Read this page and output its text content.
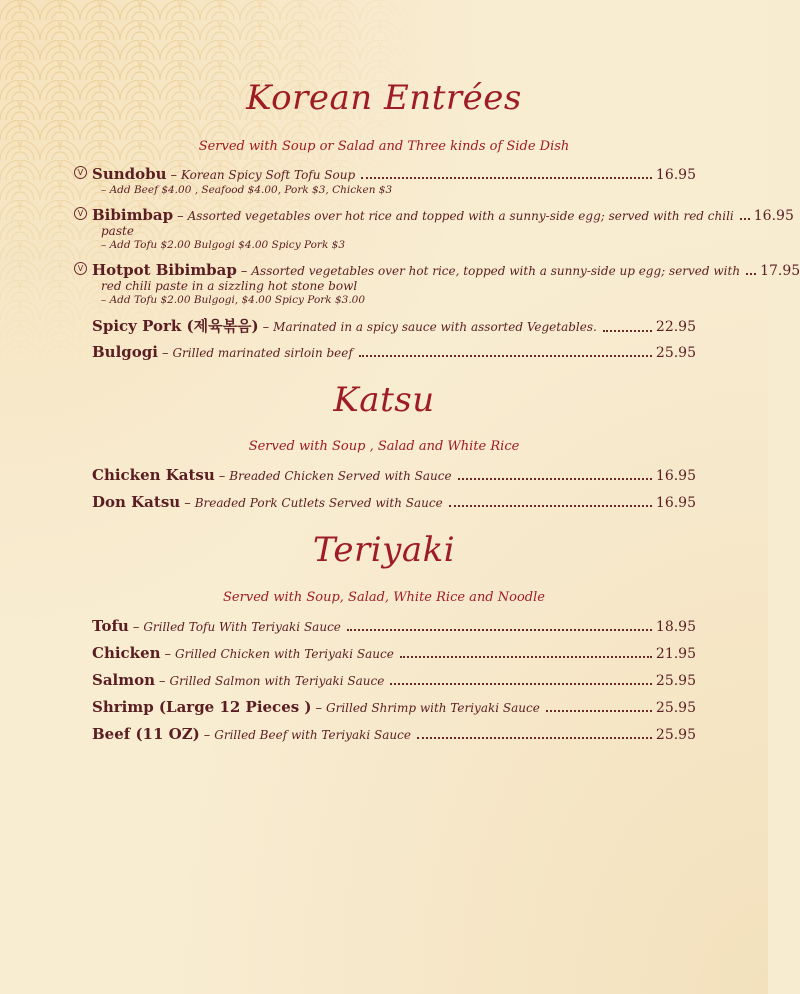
Korean Entrées
Served with Soup or Salad and Three kinds of Side Dish
V Sundobu – Korean Spicy Soft Tofu Soup	16.95
– Add Beef $4.00 , Seafood $4.00, Pork $3, Chicken $3
V Bibimbap – Assorted vegetables over hot rice and topped with a sunny-side egg; served with red chili 16.95
paste
– Add Tofu $2.00 Bulgogi $4.00 Spicy Pork $3
V Hotpot Bibimbap – Assorted vegetables over hot rice, topped with a sunny-side up egg; served with 17.95
red chili paste in a sizzling hot stone bowl
– Add Tofu $2.00 Bulgogi, $4.00 Spicy Pork $3.00
Spicy Pork (제육볶음) – Marinated in a spicy sauce with assorted Vegetables.	22.95
Bulgogi – Grilled marinated sirloin beef	25.95
Katsu
Served with Soup , Salad and White Rice
Chicken Katsu – Breaded Chicken Served with Sauce	16.95
Don Katsu – Breaded Pork Cutlets Served with Sauce	16.95
Teriyaki
Served with Soup, Salad, White Rice and Noodle
Tofu – Grilled Tofu With Teriyaki Sauce	18.95
Chicken – Grilled Chicken with Teriyaki Sauce	21.95
Salmon – Grilled Salmon with Teriyaki Sauce	25.95
Shrimp (Large 12 Pieces ) – Grilled Shrimp with Teriyaki Sauce	25.95
Beef (11 OZ) – Grilled Beef with Teriyaki Sauce	25.95
